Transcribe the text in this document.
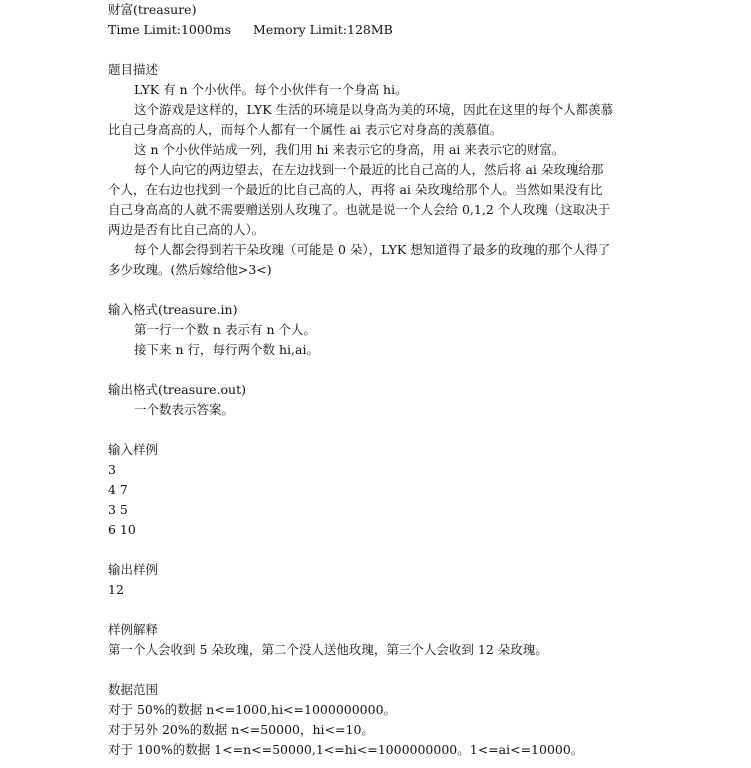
财富(treasure)
Time Limit:1000ms Memory Limit:128MB
题目描述
LYK 有 n 个小伙伴。每个小伙伴有一个身高 hi。
这个游戏是这样的，LYK 生活的环境是以身高为美的环境，因此在这里的每个人都羡慕
比自己身高高的人，而每个人都有一个属性 ai 表示它对身高的羡慕值。
这 n 个小伙伴站成一列，我们用 hi 来表示它的身高，用 ai 来表示它的财富。
每个人向它的两边望去，在左边找到一个最近的比自己高的人，然后将 ai 朵玫瑰给那
个人，在右边也找到一个最近的比自己高的人，再将 ai 朵玫瑰给那个人。当然如果没有比
自己身高高的人就不需要赠送别人玫瑰了。也就是说一个人会给 0,1,2 个人玫瑰（这取决于
两边是否有比自己高的人）。
每个人都会得到若干朵玫瑰（可能是 0 朵），LYK 想知道得了最多的玫瑰的那个人得了
多少玫瑰。(然后嫁给他>3<)
输入格式(treasure.in)
第一行一个数 n 表示有 n 个人。
接下来 n 行，每行两个数 hi,ai。
输出格式(treasure.out)
一个数表示答案。
输入样例
3
4 7
3 5
6 10
输出样例
12
样例解释
第一个人会收到 5 朵玫瑰，第二个没人送他玫瑰，第三个人会收到 12 朵玫瑰。
数据范围
对于 50%的数据 n<=1000,hi<=1000000000。
对于另外 20%的数据 n<=50000，hi<=10。
对于 100%的数据 1<=n<=50000,1<=hi<=1000000000。1<=ai<=10000。
